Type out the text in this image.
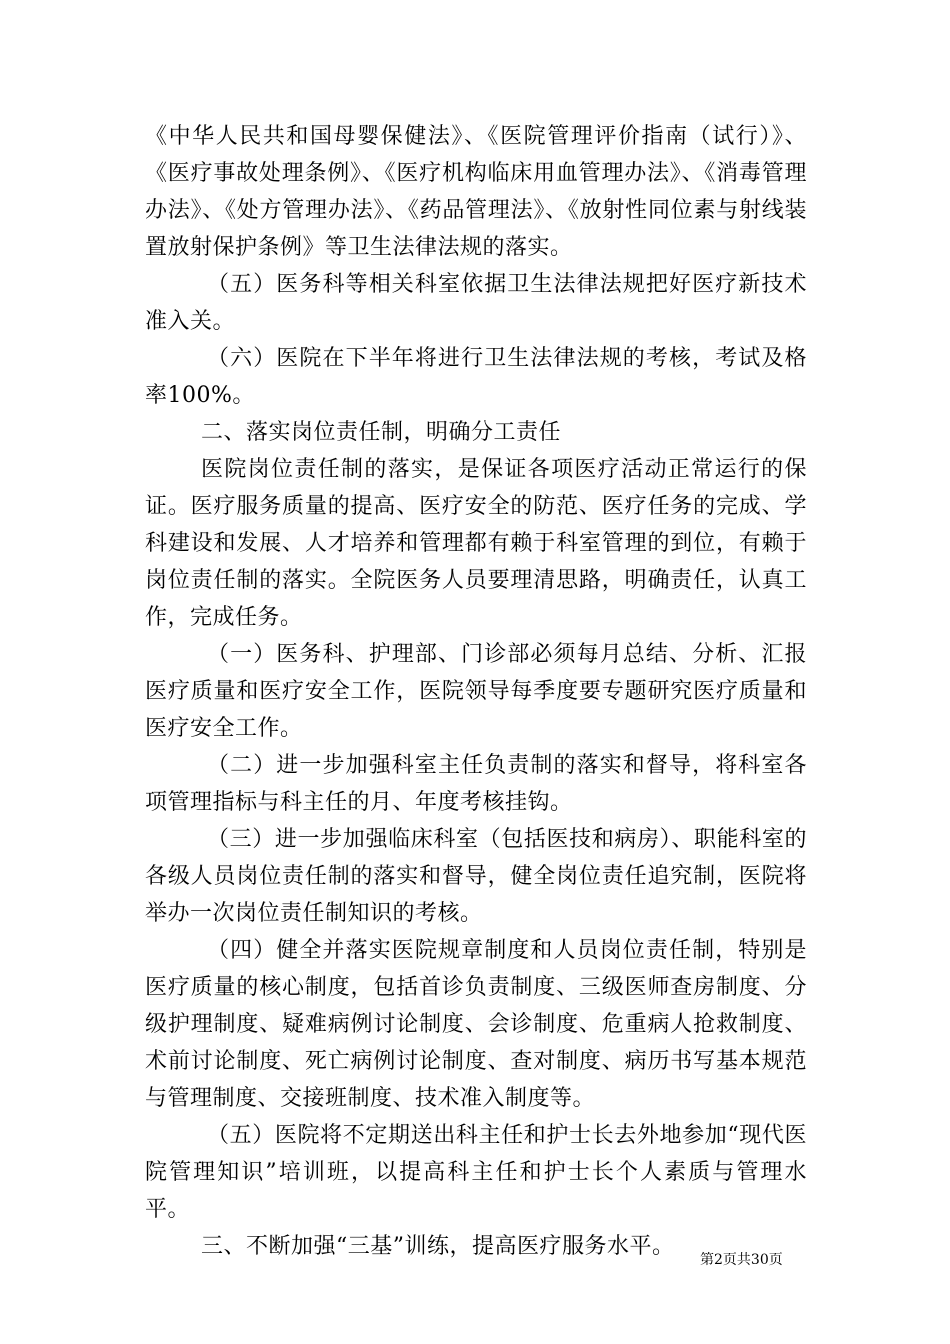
《中华人民共和国母婴保健法》、《医院管理评价指南（试行）》、《医疗事故处理条例》、《医疗机构临床用血管理办法》、《消毒管理办法》、《处方管理办法》、《药品管理法》、《放射性同位素与射线装置放射保护条例》等卫生法律法规的落实。

（五）医务科等相关科室依据卫生法律法规把好医疗新技术准入关。

（六）医院在下半年将进行卫生法律法规的考核，考试及格率100%。

二、落实岗位责任制，明确分工责任

医院岗位责任制的落实，是保证各项医疗活动正常运行的保证。医疗服务质量的提高、医疗安全的防范、医疗任务的完成、学科建设和发展、人才培养和管理都有赖于科室管理的到位，有赖于岗位责任制的落实。全院医务人员要理清思路，明确责任，认真工作，完成任务。

（一）医务科、护理部、门诊部必须每月总结、分析、汇报医疗质量和医疗安全工作，医院领导每季度要专题研究医疗质量和医疗安全工作。

（二）进一步加强科室主任负责制的落实和督导，将科室各项管理指标与科主任的月、年度考核挂钩。

（三）进一步加强临床科室（包括医技和病房）、职能科室的各级人员岗位责任制的落实和督导，健全岗位责任追究制，医院将举办一次岗位责任制知识的考核。

（四）健全并落实医院规章制度和人员岗位责任制，特别是医疗质量的核心制度，包括首诊负责制度、三级医师查房制度、分级护理制度、疑难病例讨论制度、会诊制度、危重病人抢救制度、术前讨论制度、死亡病例讨论制度、查对制度、病历书写基本规范与管理制度、交接班制度、技术准入制度等。

（五）医院将不定期送出科主任和护士长去外地参加“现代医院管理知识”培训班，以提高科主任和护士长个人素质与管理水平。

三、不断加强“三基”训练，提高医疗服务水平。

第2页共30页
